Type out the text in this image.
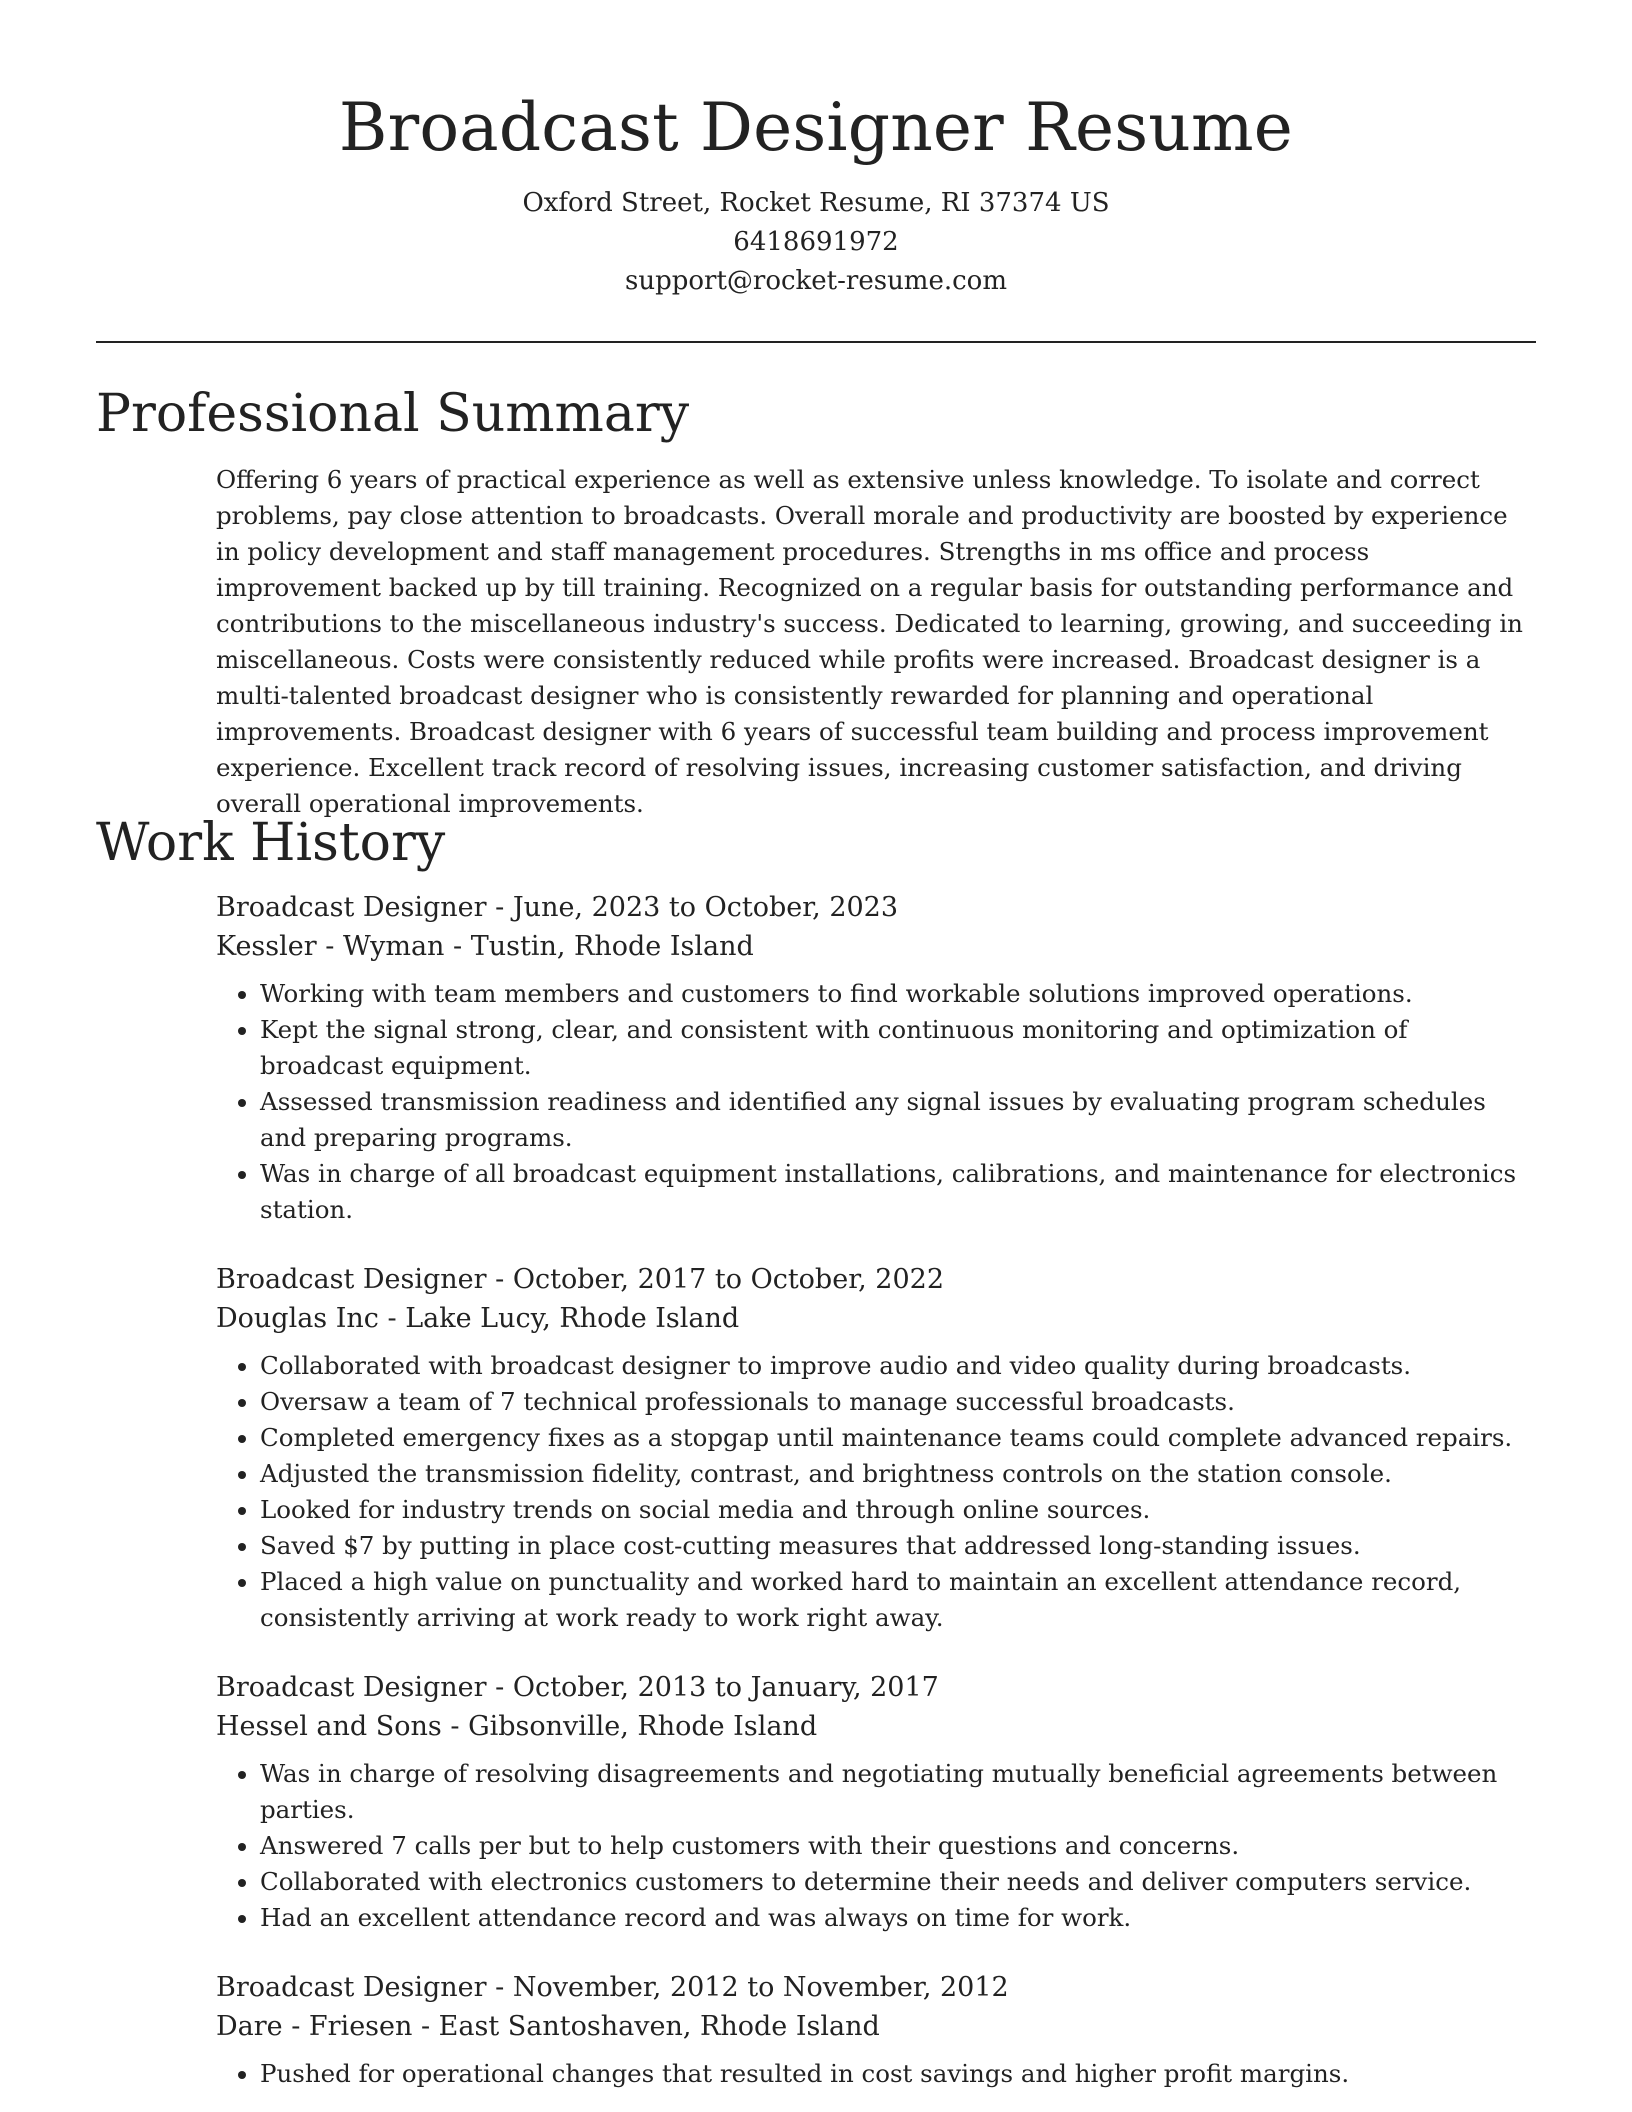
Broadcast Designer Resume
Oxford Street, Rocket Resume, RI 37374 US
6418691972
support@rocket-resume.com
Professional Summary

Offering 6 years of practical experience as well as extensive unless knowledge. To isolate and correct problems, pay close attention to broadcasts. Overall morale and productivity are boosted by experience in policy development and staff management procedures. Strengths in ms office and process improvement backed up by till training. Recognized on a regular basis for outstanding performance and contributions to the miscellaneous industry's success. Dedicated to learning, growing, and succeeding in miscellaneous. Costs were consistently reduced while profits were increased. Broadcast designer is a multi-talented broadcast designer who is consistently rewarded for planning and operational improvements. Broadcast designer with 6 years of successful team building and process improvement experience. Excellent track record of resolving issues, increasing customer satisfaction, and driving overall operational improvements.

Work History
Broadcast Designer - June, 2023 to October, 2023
Kessler - Wyman - Tustin, Rhode Island
• Working with team members and customers to find workable solutions improved operations.
• Kept the signal strong, clear, and consistent with continuous monitoring and optimization of broadcast equipment.
• Assessed transmission readiness and identified any signal issues by evaluating program schedules and preparing programs.
• Was in charge of all broadcast equipment installations, calibrations, and maintenance for electronics station.
Broadcast Designer - October, 2017 to October, 2022
Douglas Inc - Lake Lucy, Rhode Island
• Collaborated with broadcast designer to improve audio and video quality during broadcasts.
• Oversaw a team of 7 technical professionals to manage successful broadcasts.
• Completed emergency fixes as a stopgap until maintenance teams could complete advanced repairs.
• Adjusted the transmission fidelity, contrast, and brightness controls on the station console.
• Looked for industry trends on social media and through online sources.
• Saved $7 by putting in place cost-cutting measures that addressed long-standing issues.
• Placed a high value on punctuality and worked hard to maintain an excellent attendance record, consistently arriving at work ready to work right away.
Broadcast Designer - October, 2013 to January, 2017
Hessel and Sons - Gibsonville, Rhode Island
• Was in charge of resolving disagreements and negotiating mutually beneficial agreements between parties.
• Answered 7 calls per but to help customers with their questions and concerns.
• Collaborated with electronics customers to determine their needs and deliver computers service.
• Had an excellent attendance record and was always on time for work.
Broadcast Designer - November, 2012 to November, 2012
Dare - Friesen - East Santoshaven, Rhode Island
• Pushed for operational changes that resulted in cost savings and higher profit margins.
